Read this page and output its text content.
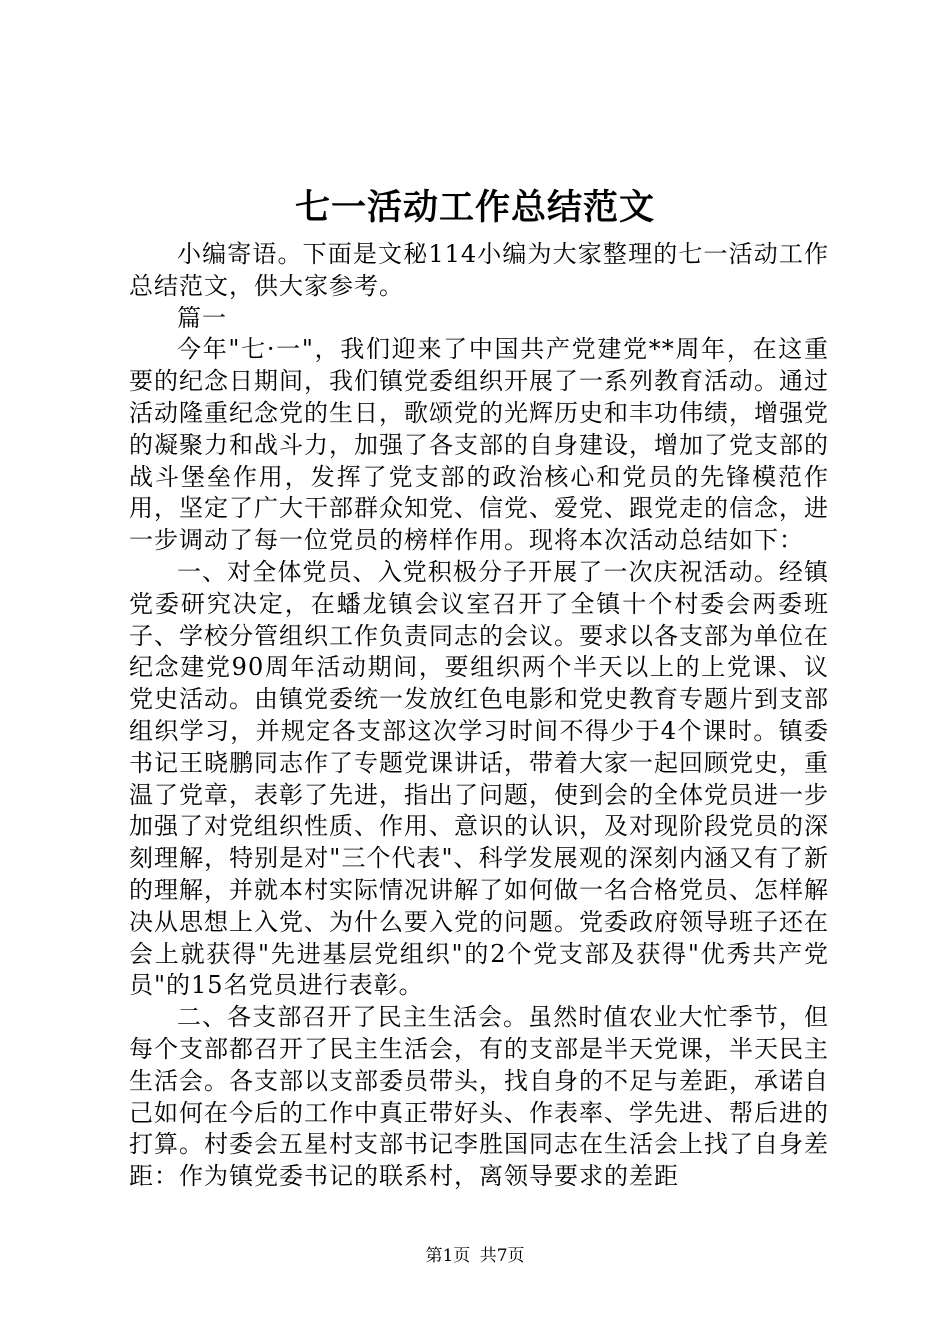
七一活动工作总结范文

小编寄语。下面是文秘114小编为大家整理的七一活动工作总结范文，供大家参考。

篇一

今年"七·一"，我们迎来了中国共产党建党**周年，在这重要的纪念日期间，我们镇党委组织开展了一系列教育活动。通过活动隆重纪念党的生日，歌颂党的光辉历史和丰功伟绩，增强党的凝聚力和战斗力，加强了各支部的自身建设，增加了党支部的战斗堡垒作用，发挥了党支部的政治核心和党员的先锋模范作用，坚定了广大干部群众知党、信党、爱党、跟党走的信念，进一步调动了每一位党员的榜样作用。现将本次活动总结如下：

一、对全体党员、入党积极分子开展了一次庆祝活动。经镇党委研究决定，在蟠龙镇会议室召开了全镇十个村委会两委班子、学校分管组织工作负责同志的会议。要求以各支部为单位在纪念建党90周年活动期间，要组织两个半天以上的上党课、议党史活动。由镇党委统一发放红色电影和党史教育专题片到支部组织学习，并规定各支部这次学习时间不得少于4个课时。镇委书记王晓鹏同志作了专题党课讲话，带着大家一起回顾党史，重温了党章，表彰了先进，指出了问题，使到会的全体党员进一步加强了对党组织性质、作用、意识的认识，及对现阶段党员的深刻理解，特别是对"三个代表"、科学发展观的深刻内涵又有了新的理解，并就本村实际情况讲解了如何做一名合格党员、怎样解决从思想上入党、为什么要入党的问题。党委政府领导班子还在会上就获得"先进基层党组织"的2个党支部及获得"优秀共产党员"的15名党员进行表彰。

二、各支部召开了民主生活会。虽然时值农业大忙季节，但每个支部都召开了民主生活会，有的支部是半天党课，半天民主生活会。各支部以支部委员带头，找自身的不足与差距，承诺自己如何在今后的工作中真正带好头、作表率、学先进、帮后进的打算。村委会五星村支部书记李胜国同志在生活会上找了自身差距：作为镇党委书记的联系村，离领导要求的差距

第1页 共7页
